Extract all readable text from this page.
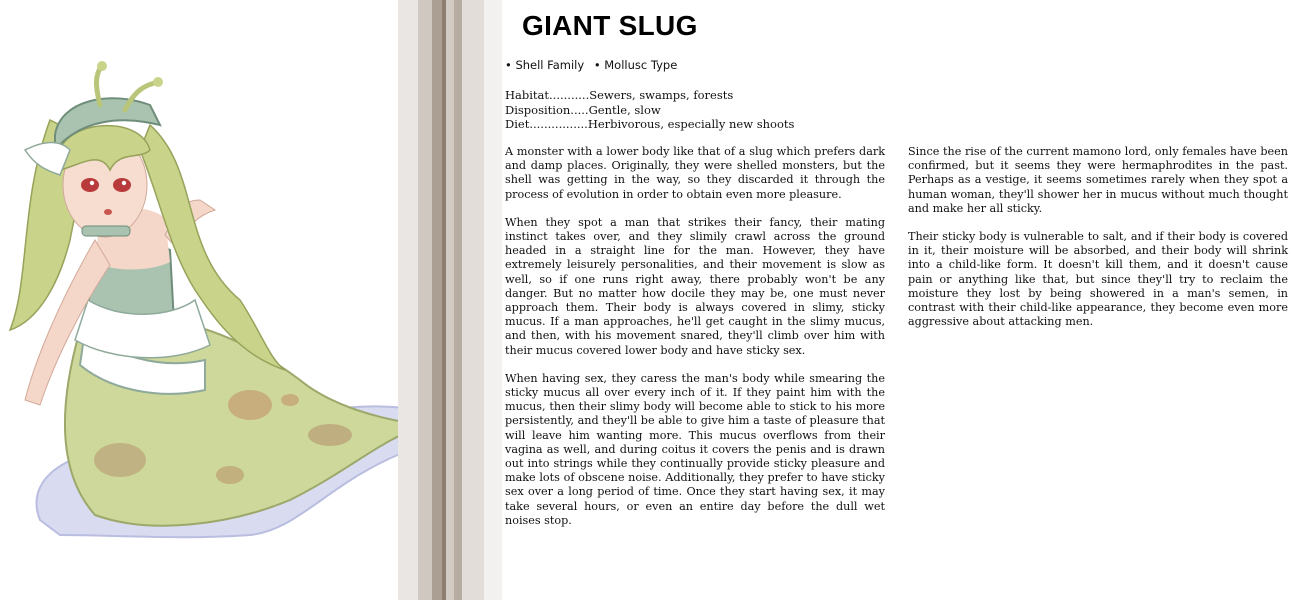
GIANT SLUG
• Shell Family • Mollusc Type
Habitat...........Sewers, swamps, forests
Disposition.....Gentle, slow
Diet................Herbivorous, especially new shoots

A monster with a lower body like that of a slug which prefers dark and damp places. Originally, they were shelled monsters, but the shell was getting in the way, so they discarded it through the process of evolution in order to obtain even more pleasure.

When they spot a man that strikes their fancy, their mating instinct takes over, and they slimily crawl across the ground headed in a straight line for the man. However, they have extremely leisurely personalities, and their movement is slow as well, so if one runs right away, there probably won't be any danger. But no matter how docile they may be, one must never approach them. Their body is always covered in slimy, sticky mucus. If a man approaches, he'll get caught in the slimy mucus, and then, with his movement snared, they'll climb over him with their mucus covered lower body and have sticky sex.

When having sex, they caress the man's body while smearing the sticky mucus all over every inch of it. If they paint him with the mucus, then their slimy body will become able to stick to his more persistently, and they'll be able to give him a taste of pleasure that will leave him wanting more. This mucus overflows from their vagina as well, and during coitus it covers the penis and is drawn out into strings while they continually provide sticky pleasure and make lots of obscene noise. Additionally, they prefer to have sticky sex over a long period of time. Once they start having sex, it may take several hours, or even an entire day before the dull wet noises stop.

Since the rise of the current mamono lord, only females have been confirmed, but it seems they were hermaphrodites in the past. Perhaps as a vestige, it seems sometimes rarely when they spot a human woman, they'll shower her in mucus without much thought and make her all sticky.

Their sticky body is vulnerable to salt, and if their body is covered in it, their moisture will be absorbed, and their body will shrink into a child-like form. It doesn't kill them, and it doesn't cause pain or anything like that, but since they'll try to reclaim the moisture they lost by being showered in a man's semen, in contrast with their child-like appearance, they become even more aggressive about attacking men.
